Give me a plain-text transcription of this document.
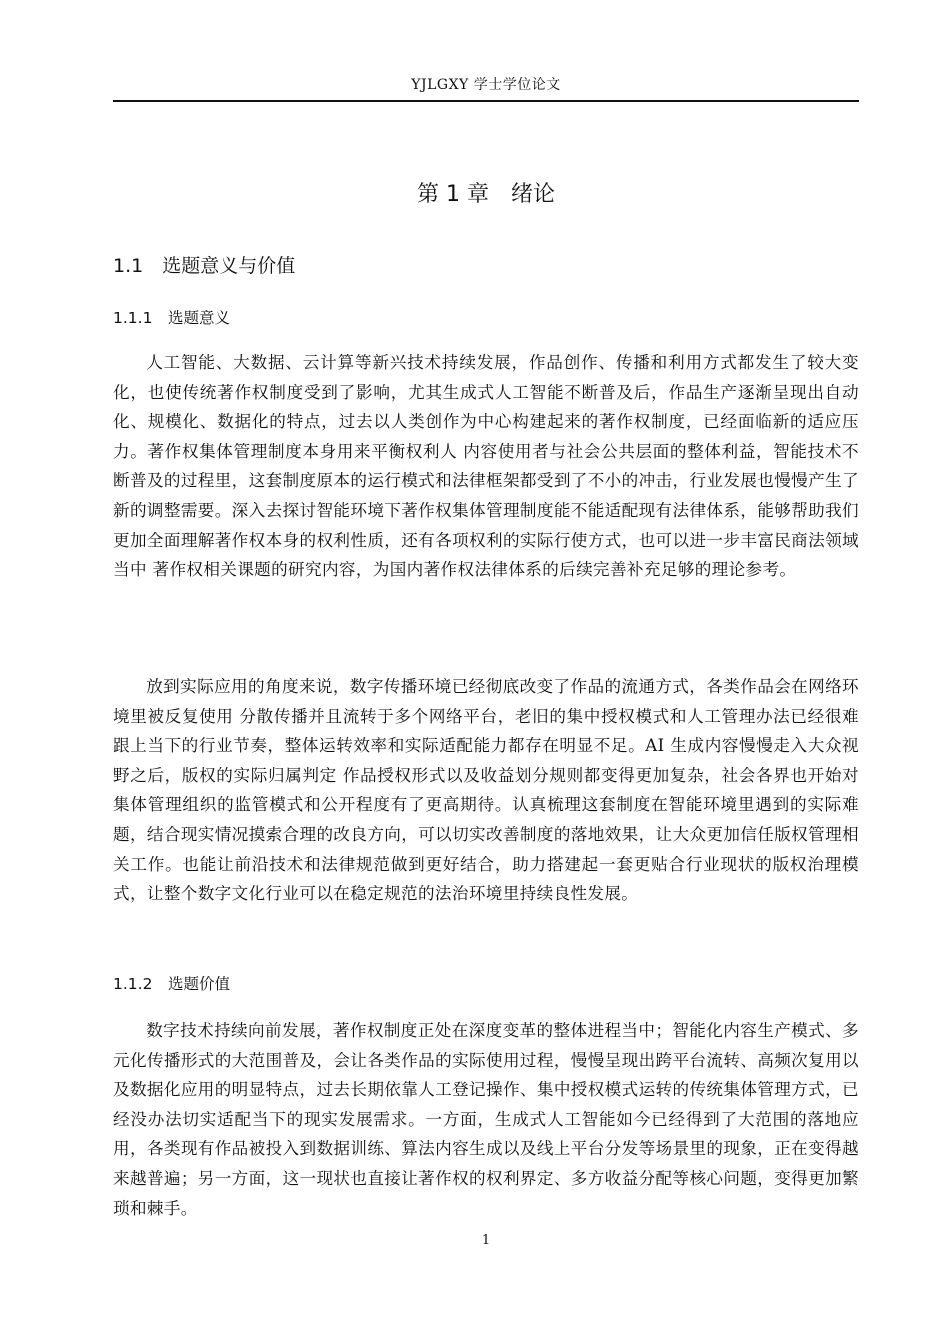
YJLGXY 学士学位论文
第 1 章　绪论
1.1　选题意义与价值
1.1.1　选题意义

人工智能、大数据、云计算等新兴技术持续发展，作品创作、传播和利用方式都发生了较大变化，也使传统著作权制度受到了影响，尤其生成式人工智能不断普及后，作品生产逐渐呈现出自动化、规模化、数据化的特点，过去以人类创作为中心构建起来的著作权制度，已经面临新的适应压力。著作权集体管理制度本身用来平衡权利人 内容使用者与社会公共层面的整体利益，智能技术不断普及的过程里，这套制度原本的运行模式和法律框架都受到了不小的冲击，行业发展也慢慢产生了新的调整需要。深入去探讨智能环境下著作权集体管理制度能不能适配现有法律体系，能够帮助我们更加全面理解著作权本身的权利性质，还有各项权利的实际行使方式，也可以进一步丰富民商法领域当中 著作权相关课题的研究内容，为国内著作权法律体系的后续完善补充足够的理论参考。

放到实际应用的角度来说，数字传播环境已经彻底改变了作品的流通方式，各类作品会在网络环境里被反复使用 分散传播并且流转于多个网络平台，老旧的集中授权模式和人工管理办法已经很难跟上当下的行业节奏，整体运转效率和实际适配能力都存在明显不足。AI 生成内容慢慢走入大众视野之后，版权的实际归属判定 作品授权形式以及收益划分规则都变得更加复杂，社会各界也开始对集体管理组织的监管模式和公开程度有了更高期待。认真梳理这套制度在智能环境里遇到的实际难题，结合现实情况摸索合理的改良方向，可以切实改善制度的落地效果，让大众更加信任版权管理相关工作。也能让前沿技术和法律规范做到更好结合，助力搭建起一套更贴合行业现状的版权治理模式，让整个数字文化行业可以在稳定规范的法治环境里持续良性发展。

1.1.2　选题价值

数字技术持续向前发展，著作权制度正处在深度变革的整体进程当中；智能化内容生产模式、多元化传播形式的大范围普及，会让各类作品的实际使用过程，慢慢呈现出跨平台流转、高频次复用以及数据化应用的明显特点，过去长期依靠人工登记操作、集中授权模式运转的传统集体管理方式，已经没办法切实适配当下的现实发展需求。一方面，生成式人工智能如今已经得到了大范围的落地应用，各类现有作品被投入到数据训练、算法内容生成以及线上平台分发等场景里的现象，正在变得越来越普遍；另一方面，这一现状也直接让著作权的权利界定、多方收益分配等核心问题，变得更加繁琐和棘手。

1
